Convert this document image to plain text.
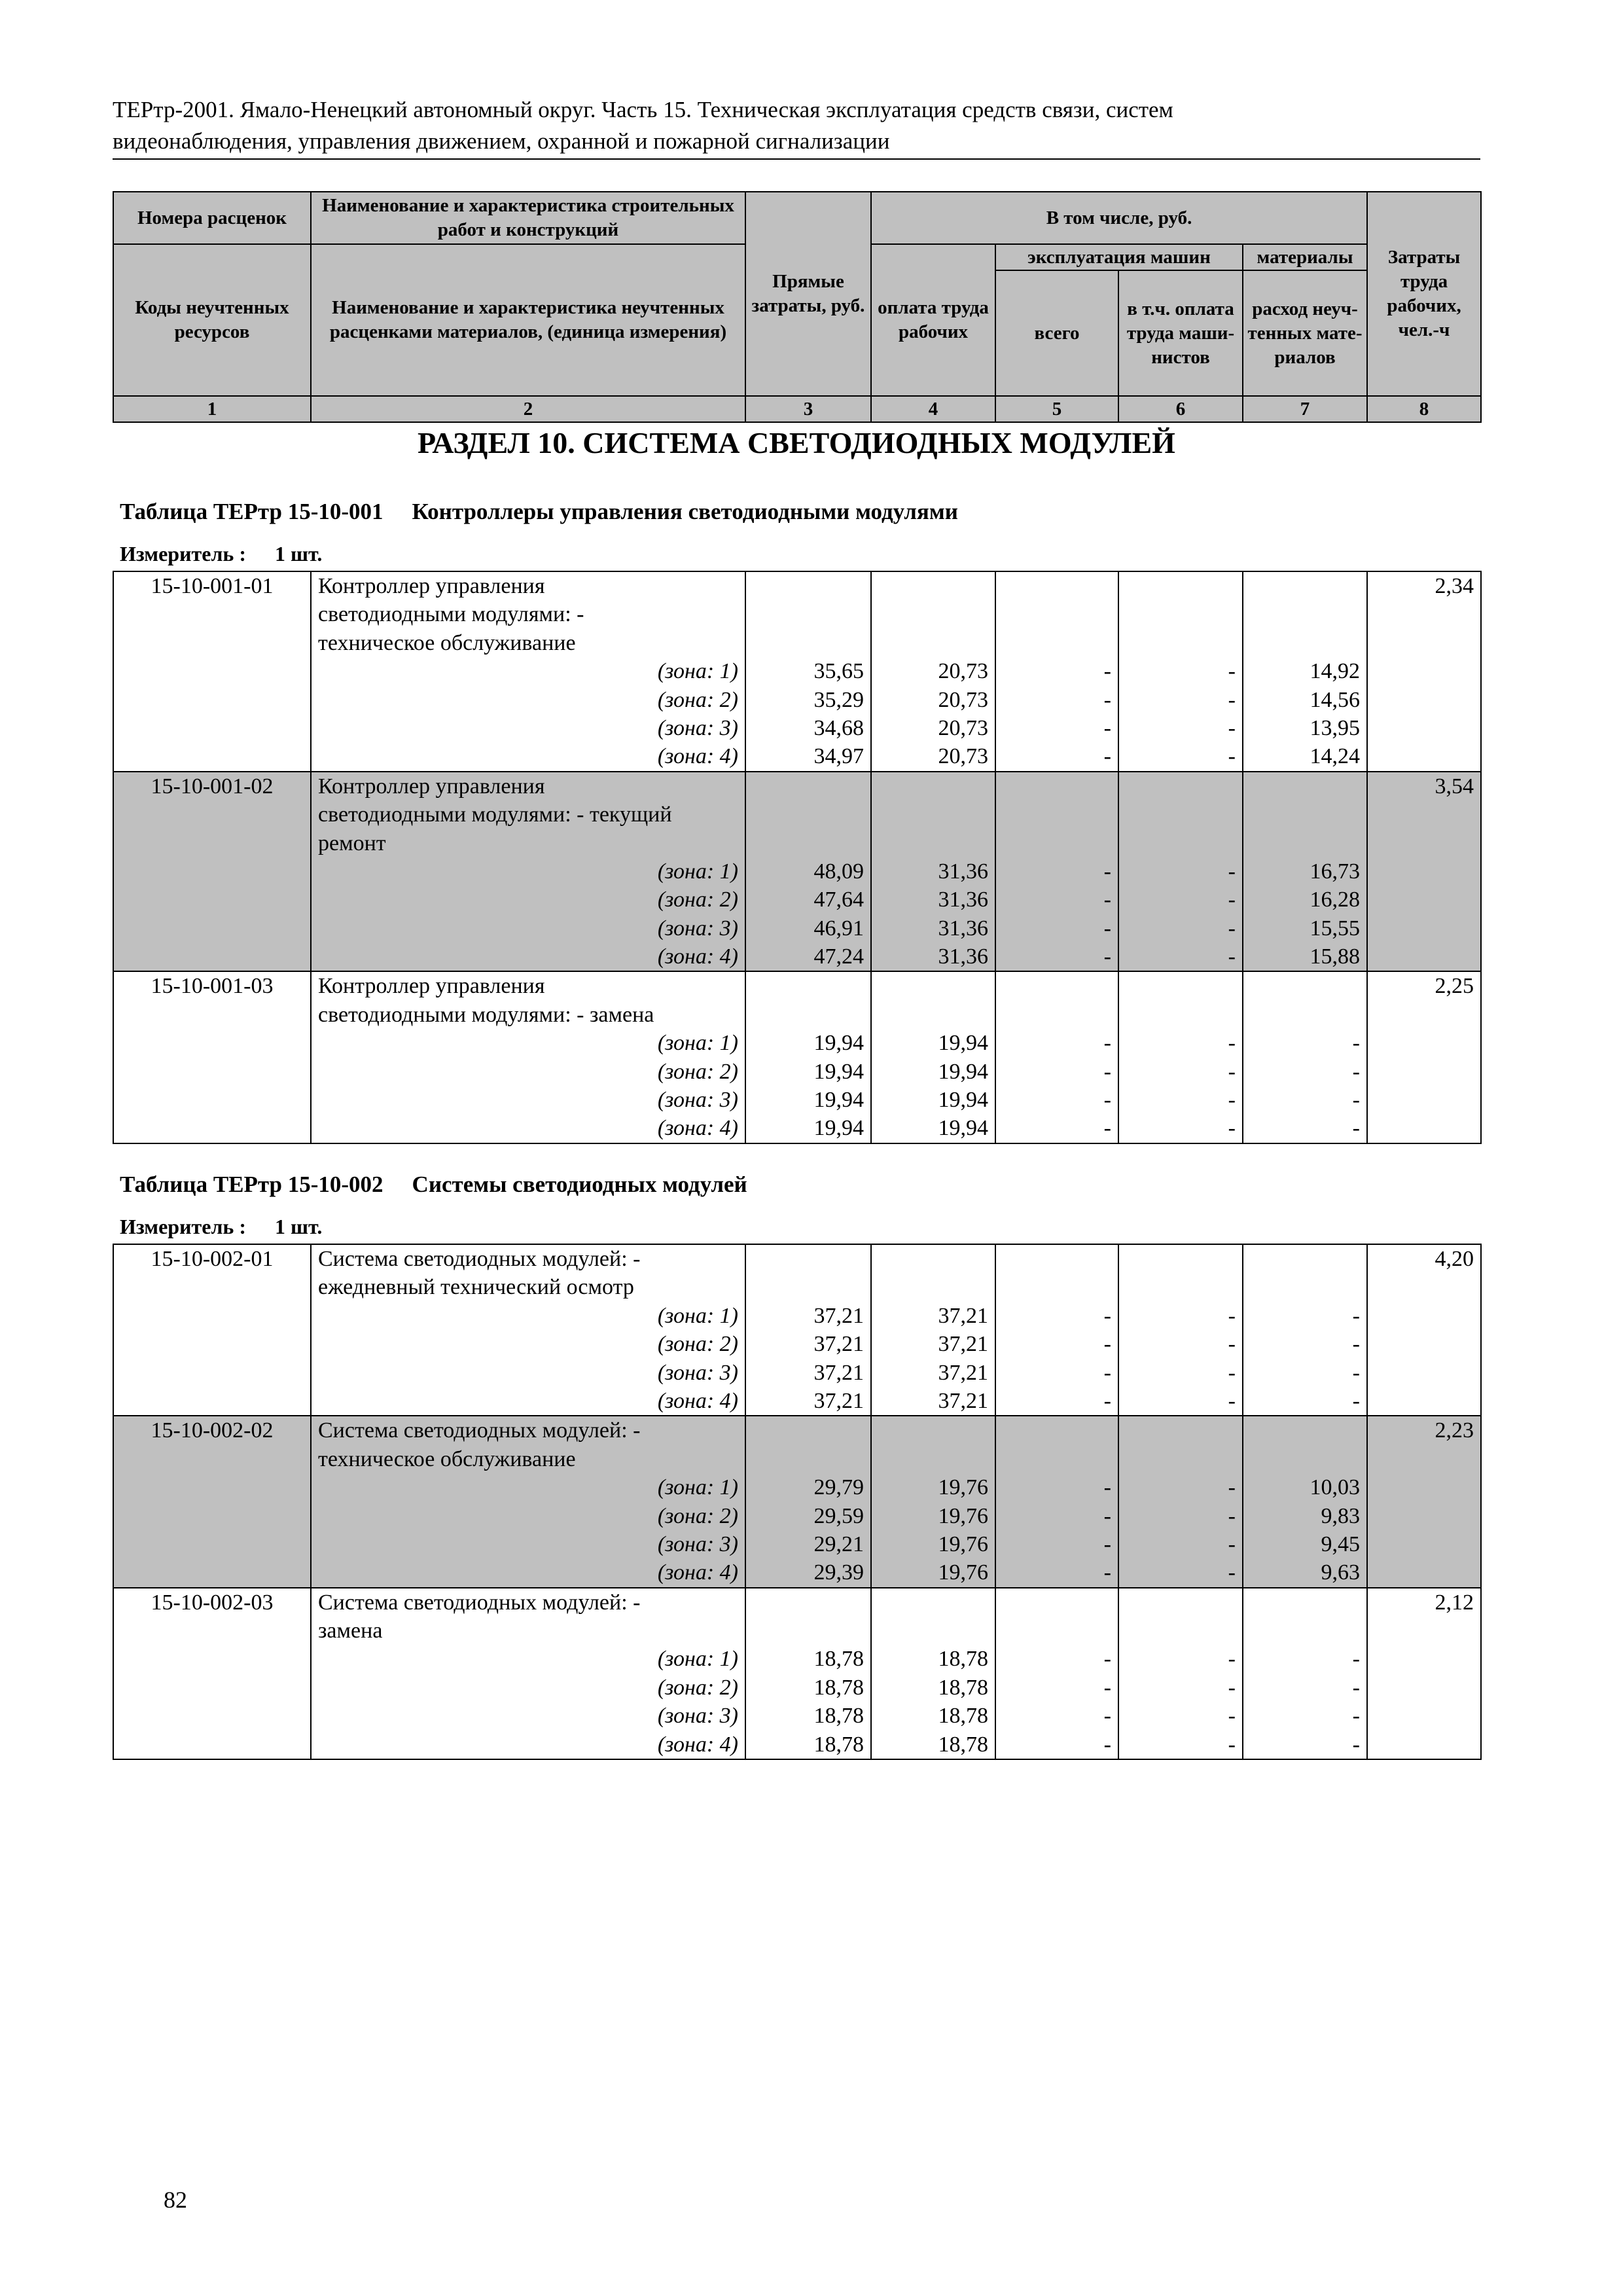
ТЕРтр-2001. Ямало-Ненецкий автономный округ. Часть 15. Техническая эксплуатация средств связи, систем
видеонаблюдения, управления движением, охранной и пожарной сигнализации
Номера расценок	Наименование и характеристика строительных работ и конструкций	Прямые затраты, руб.	В том числе, руб.				Затраты труда рабочих, чел.-ч
Коды неучтенных ресурсов	Наименование и характеристика неучтенных расценками материалов, (единица измерения)		оплата труда рабочих	эксплуатация машин		материалы	
				всего	в т.ч. оплата труда маши-нистов	расход неуч-тенных мате-риалов	

1	2	3	4	5	6	7	8
РАЗДЕЛ 10. СИСТЕМА СВЕТОДИОДНЫХ МОДУЛЕЙ
Таблица ТЕРтр 15-10-001 Контроллеры управления светодиодными модулями
Измеритель : 1 шт.
15-10-001-01	Контроллер управления						2,34
	светодиодными модулями: -						
	техническое обслуживание						
	(зона: 1)	35,65	20,73	-	-	14,92	
	(зона: 2)	35,29	20,73	-	-	14,56	
	(зона: 3)	34,68	20,73	-	-	13,95	
	(зона: 4)	34,97	20,73	-	-	14,24	
15-10-001-02	Контроллер управления						3,54
	светодиодными модулями: - текущий						
	ремонт						
	(зона: 1)	48,09	31,36	-	-	16,73	
	(зона: 2)	47,64	31,36	-	-	16,28	
	(зона: 3)	46,91	31,36	-	-	15,55	
	(зона: 4)	47,24	31,36	-	-	15,88	
15-10-001-03	Контроллер управления						2,25
	светодиодными модулями: - замена						
	(зона: 1)	19,94	19,94	-	-	-	
	(зона: 2)	19,94	19,94	-	-	-	
	(зона: 3)	19,94	19,94	-	-	-	
	(зона: 4)	19,94	19,94	-	-	-	
Таблица ТЕРтр 15-10-002 Системы светодиодных модулей
Измеритель : 1 шт.
15-10-002-01	Система светодиодных модулей: -						4,20
	ежедневный технический осмотр						
	(зона: 1)	37,21	37,21	-	-	-	
	(зона: 2)	37,21	37,21	-	-	-	
	(зона: 3)	37,21	37,21	-	-	-	
	(зона: 4)	37,21	37,21	-	-	-	
15-10-002-02	Система светодиодных модулей: -						2,23
	техническое обслуживание						
	(зона: 1)	29,79	19,76	-	-	10,03	
	(зона: 2)	29,59	19,76	-	-	9,83	
	(зона: 3)	29,21	19,76	-	-	9,45	
	(зона: 4)	29,39	19,76	-	-	9,63	
15-10-002-03	Система светодиодных модулей: -						2,12
	замена						
	(зона: 1)	18,78	18,78	-	-	-	
	(зона: 2)	18,78	18,78	-	-	-	
	(зона: 3)	18,78	18,78	-	-	-	
	(зона: 4)	18,78	18,78	-	-	-	
82
